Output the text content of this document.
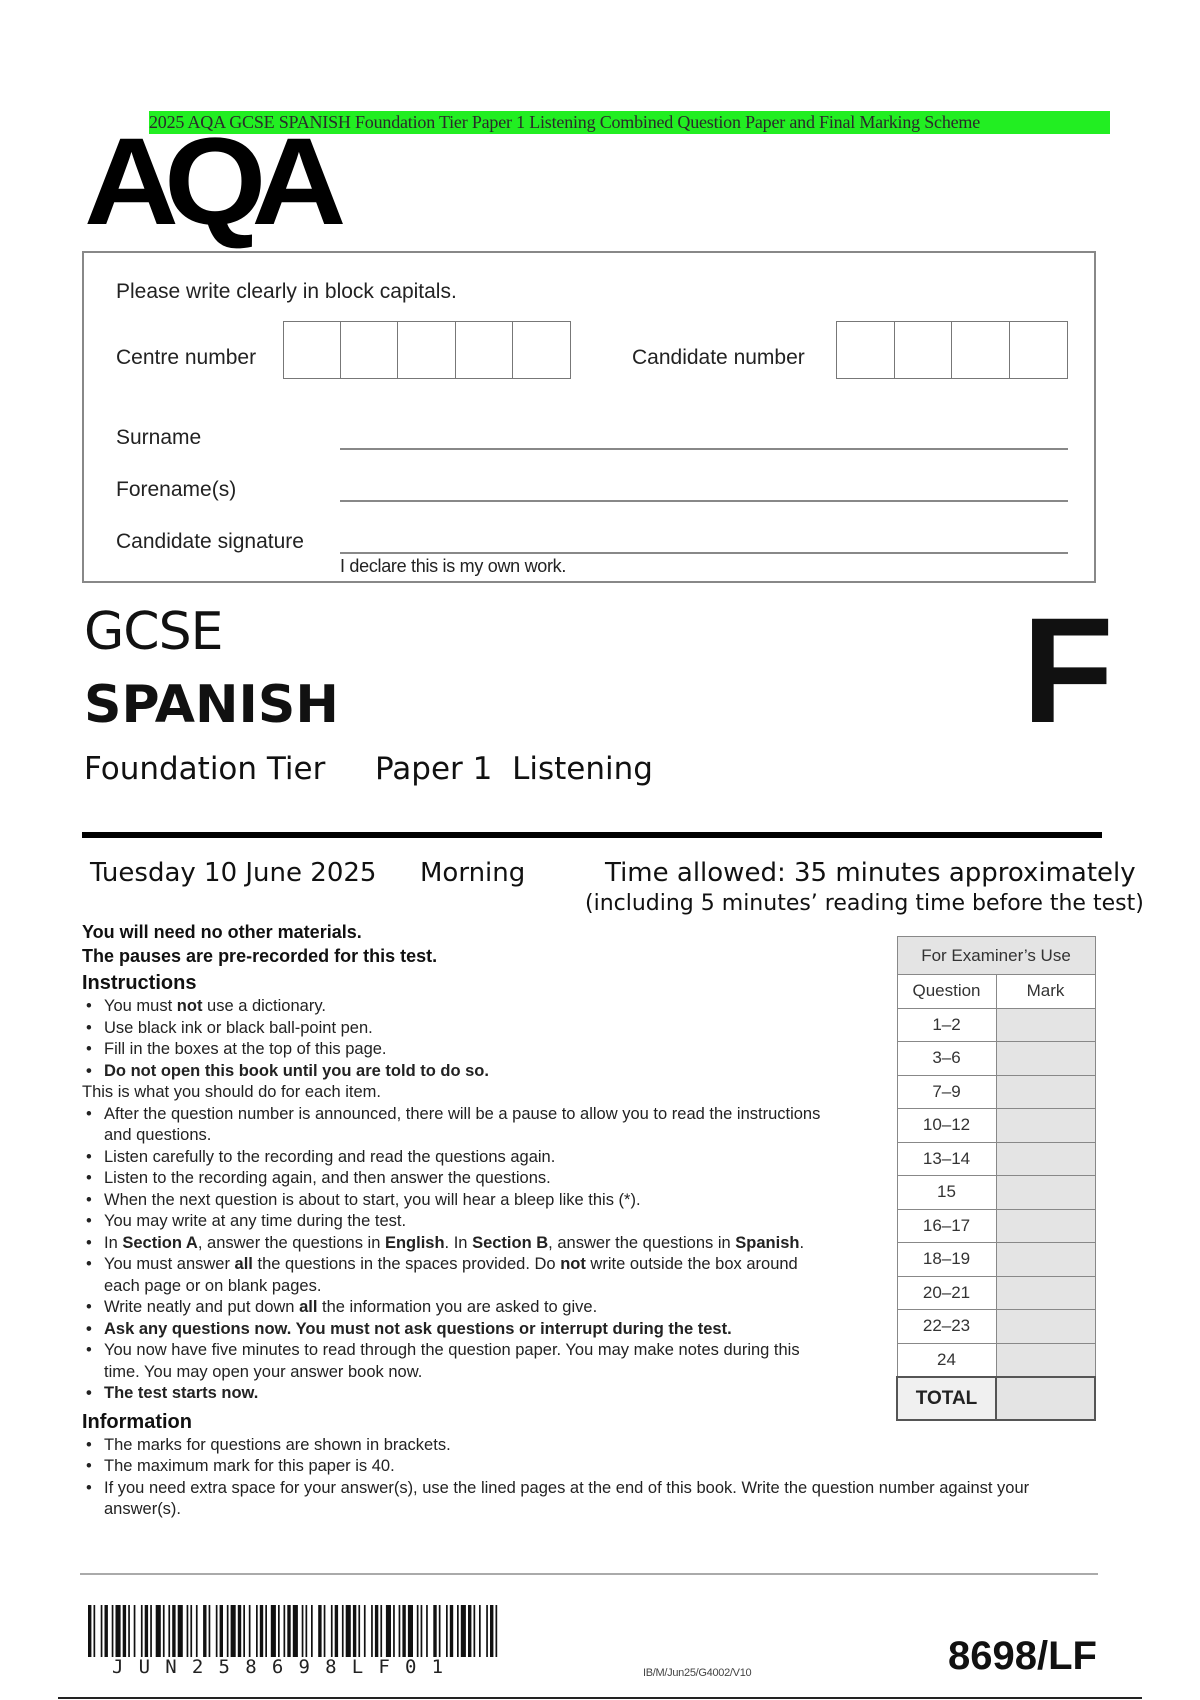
2025 AQA GCSE SPANISH Foundation Tier Paper 1 Listening Combined Question Paper and Final Marking Scheme
AQA
Please write clearly in block capitals.
Centre number	Candidate number
Surname
Forename(s)
Candidate signature
I declare this is my own work.
GCSE
SPANISH
Foundation Tier Paper 1  Listening
F
Tuesday 10 June 2025 Morning	Time allowed: 35 minutes approximately
(including 5 minutes’ reading time before the test)
You will need no other materials.
The pauses are pre-recorded for this test.
Instructions
• You must not use a dictionary.
• Use black ink or black ball-point pen.
• Fill in the boxes at the top of this page.
• Do not open this book until you are told to do so.
This is what you should do for each item.
• After the question number is announced, there will be a pause to allow you to read the instructions and questions.
• Listen carefully to the recording and read the questions again.
• Listen to the recording again, and then answer the questions.
• When the next question is about to start, you will hear a bleep like this (*).
• You may write at any time during the test.
• In Section A, answer the questions in English. In Section B, answer the questions in Spanish.
• You must answer all the questions in the spaces provided. Do not write outside the box around each page or on blank pages.
• Write neatly and put down all the information you are asked to give.
• Ask any questions now. You must not ask questions or interrupt during the test.
• You now have five minutes to read through the question paper. You may make notes during this time. You may open your answer book now.
• The test starts now.
Information
• The marks for questions are shown in brackets.
• The maximum mark for this paper is 40.
• If you need extra space for your answer(s), use the lined pages at the end of this book. Write the question number against your answer(s).
For Examiner’s Use	
Question	Mark
1–2	
3–6	
7–9	
10–12	
13–14	
15	
16–17	
18–19	
20–21	
22–23	
24	
TOTAL	
JUN258698LF01	IB/M/Jun25/G4002/V10	8698/LF
